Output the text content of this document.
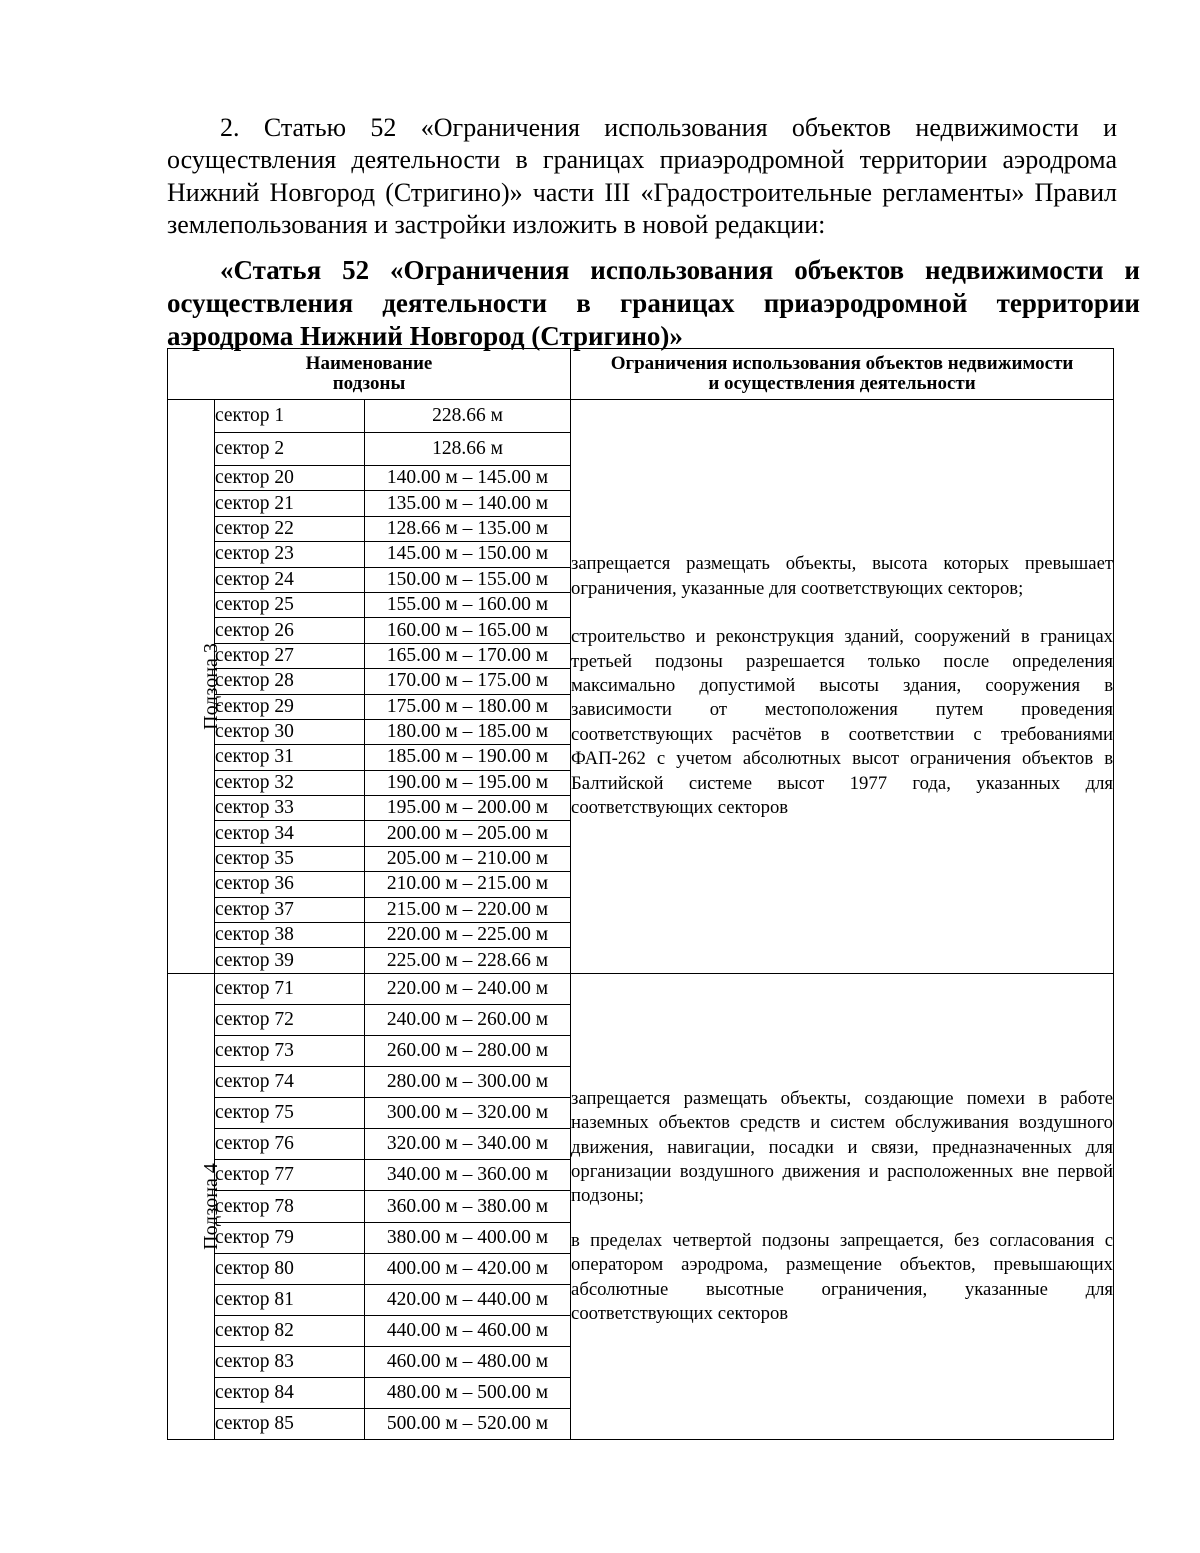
2. Статью 52 «Ограничения использования объектов недвижимости и осуществления деятельности в границах приаэродромной территории аэродрома Нижний Новгород (Стригино)» части III «Градостроительные регламенты» Правил землепользования и застройки изложить в новой редакции:

«Статья 52 «Ограничения использования объектов недвижимости и осуществления деятельности в границах приаэродромной территории аэродрома Нижний Новгород (Стригино)»

Наименование
подзоны			Ограничения использования объектов недвижимости
и осуществления деятельности
Подзона 3	сектор 1	228.66 м	запрещается размещать объекты, высота которых превышает ограничения, указанные для соответствующих секторов;

строительство и реконструкция зданий, сооружений в границах третьей подзоны разрешается только после определения максимально допустимой высоты здания, сооружения в зависимости от местоположения путем проведения соответствующих расчётов в соответствии с требованиями ФАП-262 с учетом абсолютных высот ограничения объектов в Балтийской системе высот 1977 года, указанных для соответствующих секторов

	сектор 2	128.66 м	
	сектор 20	140.00 м – 145.00 м	
	сектор 21	135.00 м – 140.00 м	
	сектор 22	128.66 м – 135.00 м	
	сектор 23	145.00 м – 150.00 м	
	сектор 24	150.00 м – 155.00 м	
	сектор 25	155.00 м – 160.00 м	
	сектор 26	160.00 м – 165.00 м	
	сектор 27	165.00 м – 170.00 м	
	сектор 28	170.00 м – 175.00 м	
	сектор 29	175.00 м – 180.00 м	
	сектор 30	180.00 м – 185.00 м	
	сектор 31	185.00 м – 190.00 м	
	сектор 32	190.00 м – 195.00 м	
	сектор 33	195.00 м – 200.00 м	
	сектор 34	200.00 м – 205.00 м	
	сектор 35	205.00 м – 210.00 м	
	сектор 36	210.00 м – 215.00 м	
	сектор 37	215.00 м – 220.00 м	
	сектор 38	220.00 м – 225.00 м	
	сектор 39	225.00 м – 228.66 м	
Подзона 4	сектор 71	220.00 м – 240.00 м	запрещается размещать объекты, создающие помехи в работе наземных объектов средств и систем обслуживания воздушного движения, навигации, посадки и связи, предназначенных для организации воздушного движения и расположенных вне первой подзоны;

в пределах четвертой подзоны запрещается, без согласования с оператором аэродрома, размещение объектов, превышающих абсолютные высотные ограничения, указанные для соответствующих секторов

	сектор 72	240.00 м – 260.00 м	
	сектор 73	260.00 м – 280.00 м	
	сектор 74	280.00 м – 300.00 м	
	сектор 75	300.00 м – 320.00 м	
	сектор 76	320.00 м – 340.00 м	
	сектор 77	340.00 м – 360.00 м	
	сектор 78	360.00 м – 380.00 м	
	сектор 79	380.00 м – 400.00 м	
	сектор 80	400.00 м – 420.00 м	
	сектор 81	420.00 м – 440.00 м	
	сектор 82	440.00 м – 460.00 м	
	сектор 83	460.00 м – 480.00 м	
	сектор 84	480.00 м – 500.00 м	
	сектор 85	500.00 м – 520.00 м	
